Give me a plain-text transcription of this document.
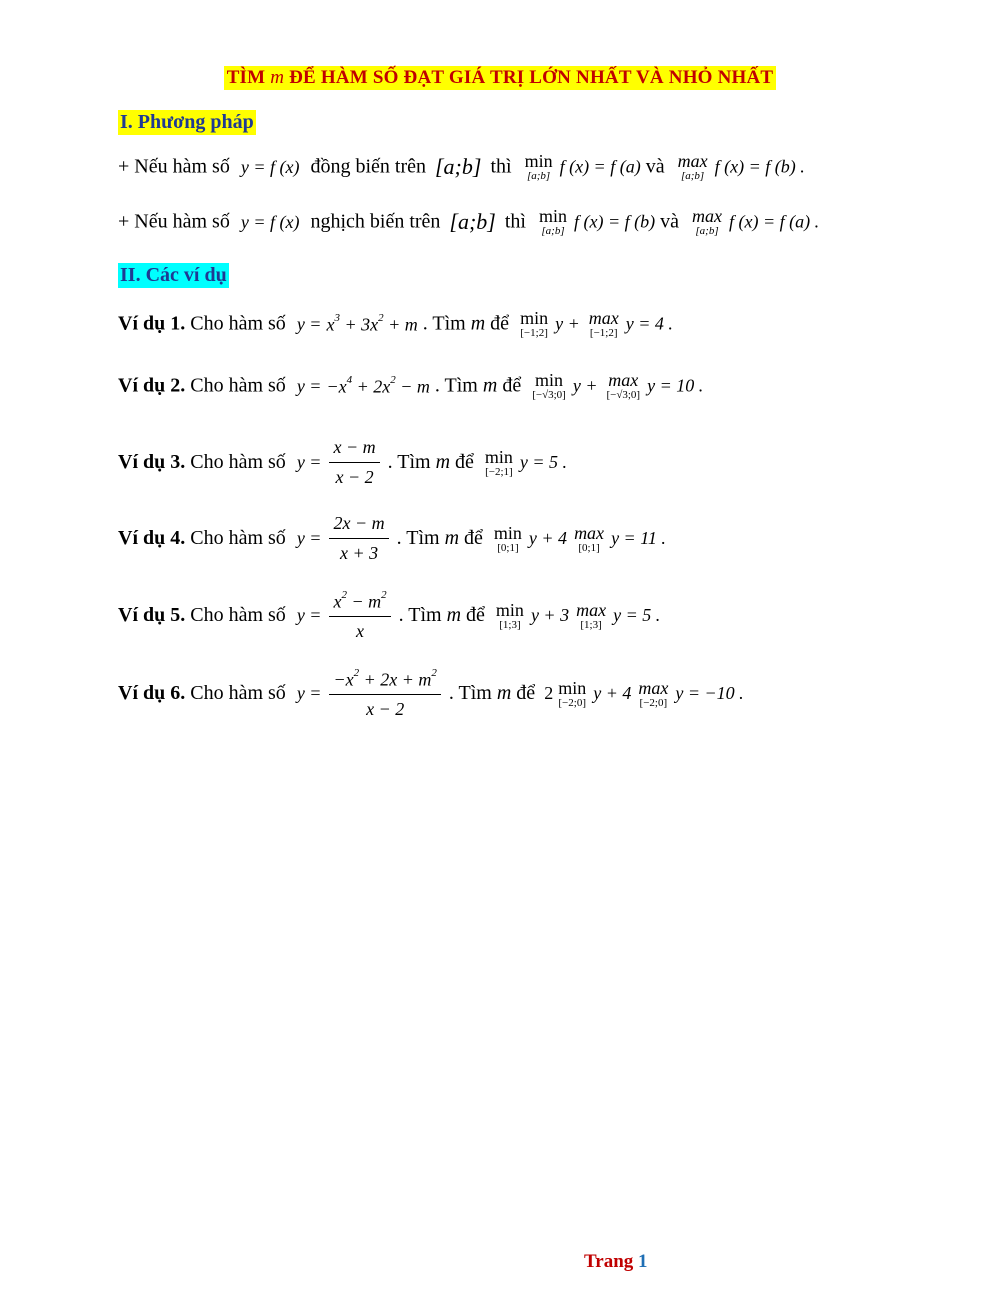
TÌM m ĐỂ HÀM SỐ ĐẠT GIÁ TRỊ LỚN NHẤT VÀ NHỎ NHẤT
I. Phương pháp
+ Nếu hàm số y = f (x) đồng biến trên [a;b] thì min
[a;b] f (x) = f (a) và max
[a;b] f (x) = f (b) .
+ Nếu hàm số y = f (x) nghịch biến trên [a;b] thì min
[a;b] f (x) = f (b) và max
[a;b] f (x) = f (a) .
II. Các ví dụ
Ví dụ 1. Cho hàm số $y = x^3 + 3x^2 + m$ . Tìm m để min
[−1;2] y + max
[−1;2] y = 4 .
Ví dụ 2. Cho hàm số $y = -x^4 + 2x^2 - m$ . Tìm m để min
[−√3;0] y + max
[−√3;0] y = 10 .
Ví dụ 3. Cho hàm số $y = \frac{x - m}{x - 2}$ . Tìm m để min
[−2;1] y = 5 .
Ví dụ 4. Cho hàm số $y = \frac{2x - m}{x + 3}$ . Tìm m để min
[0;1] y + 4 max
[0;1] y = 11 .
Ví dụ 5. Cho hàm số $y = \frac{x^2 - m^2}{x}$ . Tìm m để min
[1;3] y + 3 max
[1;3] y = 5 .
Ví dụ 6. Cho hàm số $y = \frac{-x^2 + 2x + m^2}{x - 2}$ . Tìm m để 2 min
[−2;0] y + 4 max
[−2;0] y = −10 .
Trang 1
